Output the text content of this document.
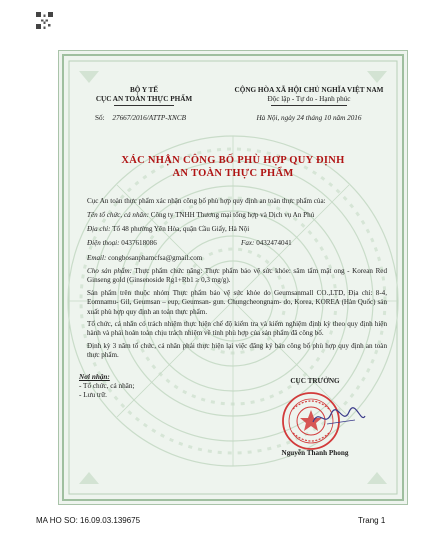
BỘ Y TẾ
CỤC AN TOÀN THỰC PHẨM
Số: 27667/2016/ATTP-XNCB
CỘNG HÒA XÃ HỘI CHỦ NGHĨA VIỆT NAM
Độc lập - Tự do - Hạnh phúc
Hà Nội, ngày 24 tháng 10 năm 2016
XÁC NHẬN CÔNG BỐ PHÙ HỢP QUY ĐỊNH
AN TOÀN THỰC PHẨM
Cục An toàn thực phẩm xác nhận công bố phù hợp quy định an toàn thực phẩm của:
Tên tổ chức, cá nhân: Công ty TNHH Thương mại tổng hợp và Dịch vụ An Phú
Địa chỉ: Tổ 48 phường Yên Hòa, quận Cầu Giấy, Hà Nội
Điện thoại: 0437618086	Fax: 0432474041
Email: congbosanphamcfsa@gmail.com
Cho sản phẩm: Thực phẩm chức năng: Thực phẩm bảo vệ sức khỏe: sâm tẩm mật ong - Korean Red Ginseng gold (Ginsenoside Rg1+Rb1 ≥ 0,3 mg/g).
Sản phẩm trên thuộc nhóm Thực phẩm bảo vệ sức khỏe do Geumsanmall CO.,LTD, Địa chỉ: 8-4, Eomnamu- Gil, Geumsan – eup, Geumsan- gun. Chungcheongnam- do, Korea, KOREA (Hàn Quốc) sản xuất phù hợp quy định an toàn thực phẩm.
Tổ chức, cá nhân có trách nhiệm thực hiện chế độ kiểm tra và kiểm nghiệm định kỳ theo quy định hiện hành và phải hoàn toàn chịu trách nhiệm về tính phù hợp của sản phẩm đã công bố.
Định kỳ 3 năm tổ chức, cá nhân phải thực hiện lại việc đăng ký bản công bố phù hợp quy định an toàn thực phẩm.
Nơi nhận:
- Tổ chức, cá nhân;
- Lưu trữ.
CỤC TRƯỞNG
Nguyễn Thanh Phong
MA HO SO: 16.09.03.139675	Trang 1
